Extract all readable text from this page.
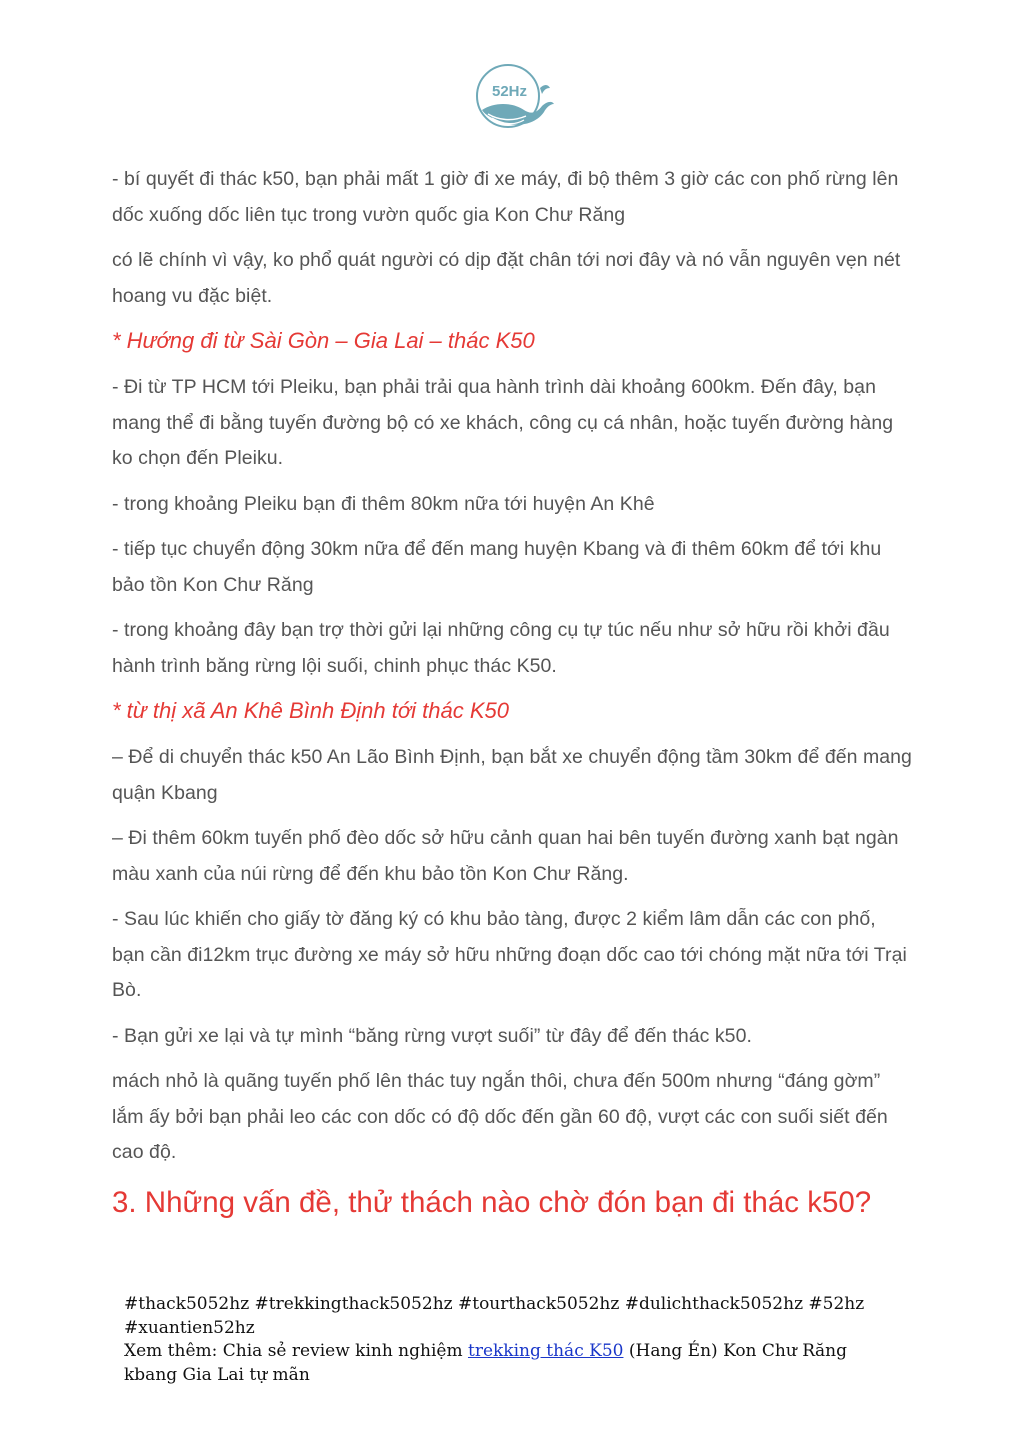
52Hz

- bí quyết đi thác k50, bạn phải mất 1 giờ đi xe máy, đi bộ thêm 3 giờ các con phố rừng lên dốc xuống dốc liên tục trong vườn quốc gia Kon Chư Răng

có lẽ chính vì vậy, ko phổ quát người có dịp đặt chân tới nơi đây và nó vẫn nguyên vẹn nét hoang vu đặc biệt.

* Hướng đi từ Sài Gòn – Gia Lai – thác K50

- Đi từ TP HCM tới Pleiku, bạn phải trải qua hành trình dài khoảng 600km. Đến đây, bạn mang thể đi bằng tuyến đường bộ có xe khách, công cụ cá nhân, hoặc tuyến đường hàng ko chọn đến Pleiku.

- trong khoảng Pleiku bạn đi thêm 80km nữa tới huyện An Khê

- tiếp tục chuyển động 30km nữa để đến mang huyện Kbang và đi thêm 60km để tới khu bảo tồn Kon Chư Răng

- trong khoảng đây bạn trợ thời gửi lại những công cụ tự túc nếu như sở hữu rồi khởi đầu hành trình băng rừng lội suối, chinh phục thác K50.

* từ thị xã An Khê Bình Định tới thác K50

– Để di chuyển thác k50 An Lão Bình Định, bạn bắt xe chuyển động tầm 30km để đến mang quận Kbang

– Đi thêm 60km tuyến phố đèo dốc sở hữu cảnh quan hai bên tuyến đường xanh bạt ngàn màu xanh của núi rừng để đến khu bảo tồn Kon Chư Răng.

- Sau lúc khiến cho giấy tờ đăng ký có khu bảo tàng, được 2 kiểm lâm dẫn các con phố, bạn cần đi12km trục đường xe máy sở hữu những đoạn dốc cao tới chóng mặt nữa tới Trại Bò.

- Bạn gửi xe lại và tự mình “băng rừng vượt suối” từ đây để đến thác k50.

mách nhỏ là quãng tuyến phố lên thác tuy ngắn thôi, chưa đến 500m nhưng “đáng gờm” lắm ấy bởi bạn phải leo các con dốc có độ dốc đến gần 60 độ, vượt các con suối siết đến cao độ.

3. Những vấn đề, thử thách nào chờ đón bạn đi thác k50?
#thack5052hz #trekkingthack5052hz #tourthack5052hz #dulichthack5052hz #52hz #xuantien52hz
Xem thêm: Chia sẻ review kinh nghiệm trekking thác K50 (Hang Én) Kon Chư Răng kbang Gia Lai tự mãn
